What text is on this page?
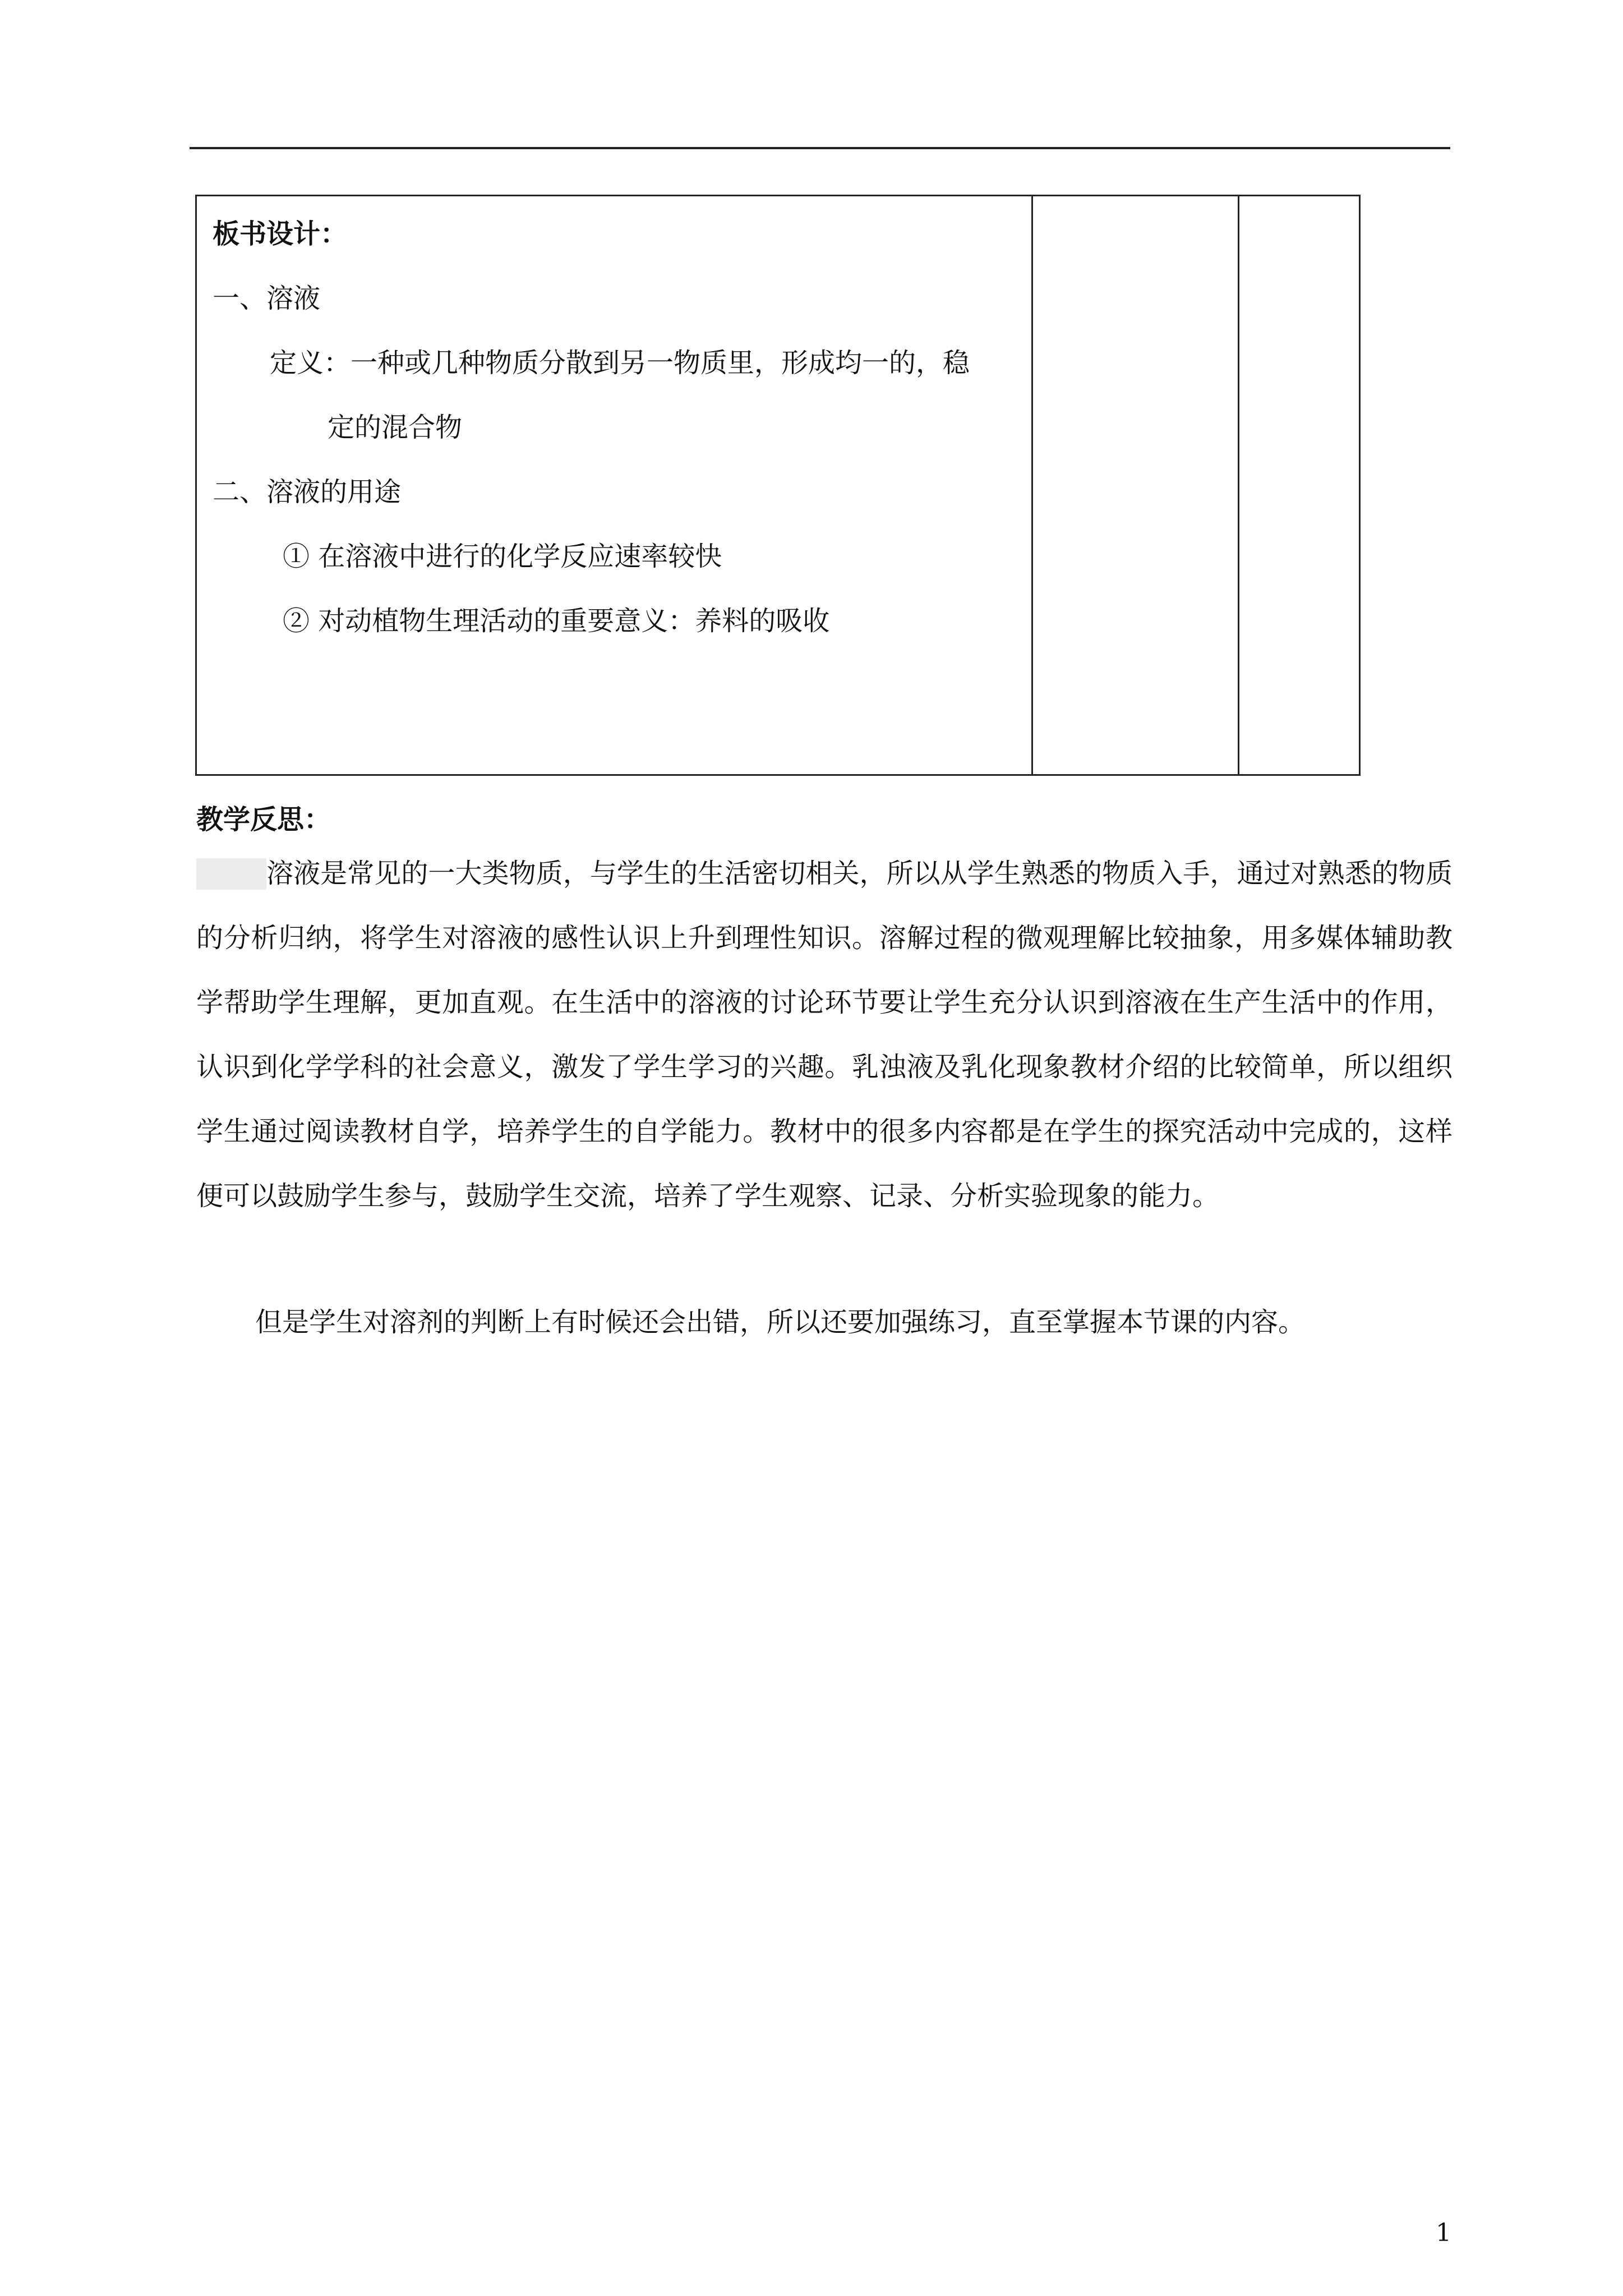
板书设计：
一、溶液
定义：一种或几种物质分散到另一物质里，形成均一的，稳
定的混合物
二、溶液的用途
① 在溶液中进行的化学反应速率较快
② 对动植物生理活动的重要意义：养料的吸收

教学反思：
溶液是常见的一大类物质，与学生的生活密切相关，所以从学生熟悉的物质入手，通过对熟悉的物质的分析归纳，将学生对溶液的感性认识上升到理性知识。溶解过程的微观理解比较抽象，用多媒体辅助教学帮助学生理解，更加直观。在生活中的溶液的讨论环节要让学生充分认识到溶液在生产生活中的作用，认识到化学学科的社会意义，激发了学生学习的兴趣。乳浊液及乳化现象教材介绍的比较简单，所以组织学生通过阅读教材自学，培养学生的自学能力。教材中的很多内容都是在学生的探究活动中完成的，这样便可以鼓励学生参与，鼓励学生交流，培养了学生观察、记录、分析实验现象的能力。
但是学生对溶剂的判断上有时候还会出错，所以还要加强练习，直至掌握本节课的内容。
1
